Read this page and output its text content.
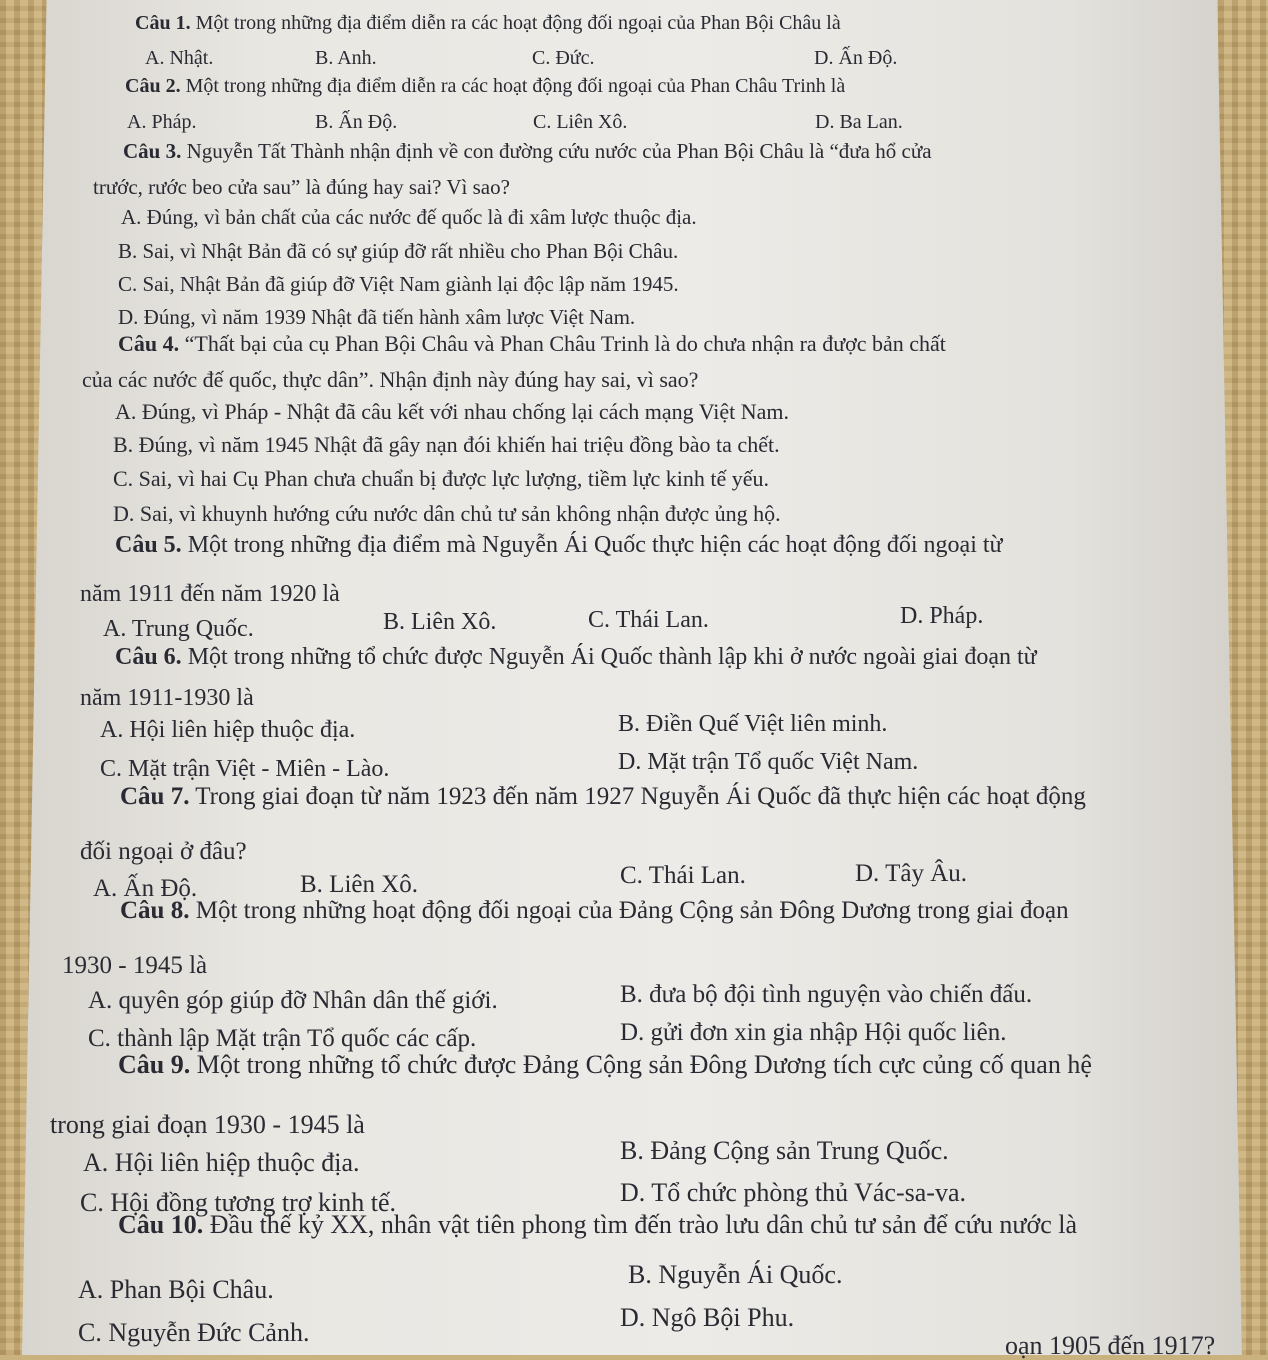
oạn 1905 đến 1917?
Câu 1. Một trong những địa điểm diễn ra các hoạt động đối ngoại của Phan Bội Châu là
A. Nhật.	B. Anh.	C. Đức.	D. Ấn Độ.
Câu 2. Một trong những địa điểm diễn ra các hoạt động đối ngoại của Phan Châu Trinh là
A. Pháp.	B. Ấn Độ.	C. Liên Xô.	D. Ba Lan.
Câu 3. Nguyễn Tất Thành nhận định về con đường cứu nước của Phan Bội Châu là “đưa hổ cửa
trước, rước beo cửa sau” là đúng hay sai? Vì sao?
A. Đúng, vì bản chất của các nước đế quốc là đi xâm lược thuộc địa.
B. Sai, vì Nhật Bản đã có sự giúp đỡ rất nhiều cho Phan Bội Châu.
C. Sai, Nhật Bản đã giúp đỡ Việt Nam giành lại độc lập năm 1945.
D. Đúng, vì năm 1939 Nhật đã tiến hành xâm lược Việt Nam.
Câu 4. “Thất bại của cụ Phan Bội Châu và Phan Châu Trinh là do chưa nhận ra được bản chất
của các nước đế quốc, thực dân”. Nhận định này đúng hay sai, vì sao?
A. Đúng, vì Pháp - Nhật đã câu kết với nhau chống lại cách mạng Việt Nam.
B. Đúng, vì năm 1945 Nhật đã gây nạn đói khiến hai triệu đồng bào ta chết.
C. Sai, vì hai Cụ Phan chưa chuẩn bị được lực lượng, tiềm lực kinh tế yếu.
D. Sai, vì khuynh hướng cứu nước dân chủ tư sản không nhận được ủng hộ.
Câu 5. Một trong những địa điểm mà Nguyễn Ái Quốc thực hiện các hoạt động đối ngoại từ
năm 1911 đến năm 1920 là
A. Trung Quốc.	B. Liên Xô.	C. Thái Lan.	D. Pháp.
Câu 6. Một trong những tổ chức được Nguyễn Ái Quốc thành lập khi ở nước ngoài giai đoạn từ
năm 1911-1930 là
A. Hội liên hiệp thuộc địa.	B. Điền Quế Việt liên minh.
C. Mặt trận Việt - Miên - Lào.	D. Mặt trận Tổ quốc Việt Nam.
Câu 7. Trong giai đoạn từ năm 1923 đến năm 1927 Nguyễn Ái Quốc đã thực hiện các hoạt động
đối ngoại ở đâu?
A. Ấn Độ.	B. Liên Xô.	C. Thái Lan.	D. Tây Âu.
Câu 8. Một trong những hoạt động đối ngoại của Đảng Cộng sản Đông Dương trong giai đoạn
1930 - 1945 là
A. quyên góp giúp đỡ Nhân dân thế giới.	B. đưa bộ đội tình nguyện vào chiến đấu.
C. thành lập Mặt trận Tổ quốc các cấp.	D. gửi đơn xin gia nhập Hội quốc liên.
Câu 9. Một trong những tổ chức được Đảng Cộng sản Đông Dương tích cực củng cố quan hệ
trong giai đoạn 1930 - 1945 là
A. Hội liên hiệp thuộc địa.	B. Đảng Cộng sản Trung Quốc.
C. Hội đồng tương trợ kinh tế.	D. Tổ chức phòng thủ Vác-sa-va.
Câu 10. Đầu thế kỷ XX, nhân vật tiên phong tìm đến trào lưu dân chủ tư sản để cứu nước là
A. Phan Bội Châu.
B. Nguyễn Ái Quốc.
C. Nguyễn Đức Cảnh.
D. Ngô Bội Phu.
